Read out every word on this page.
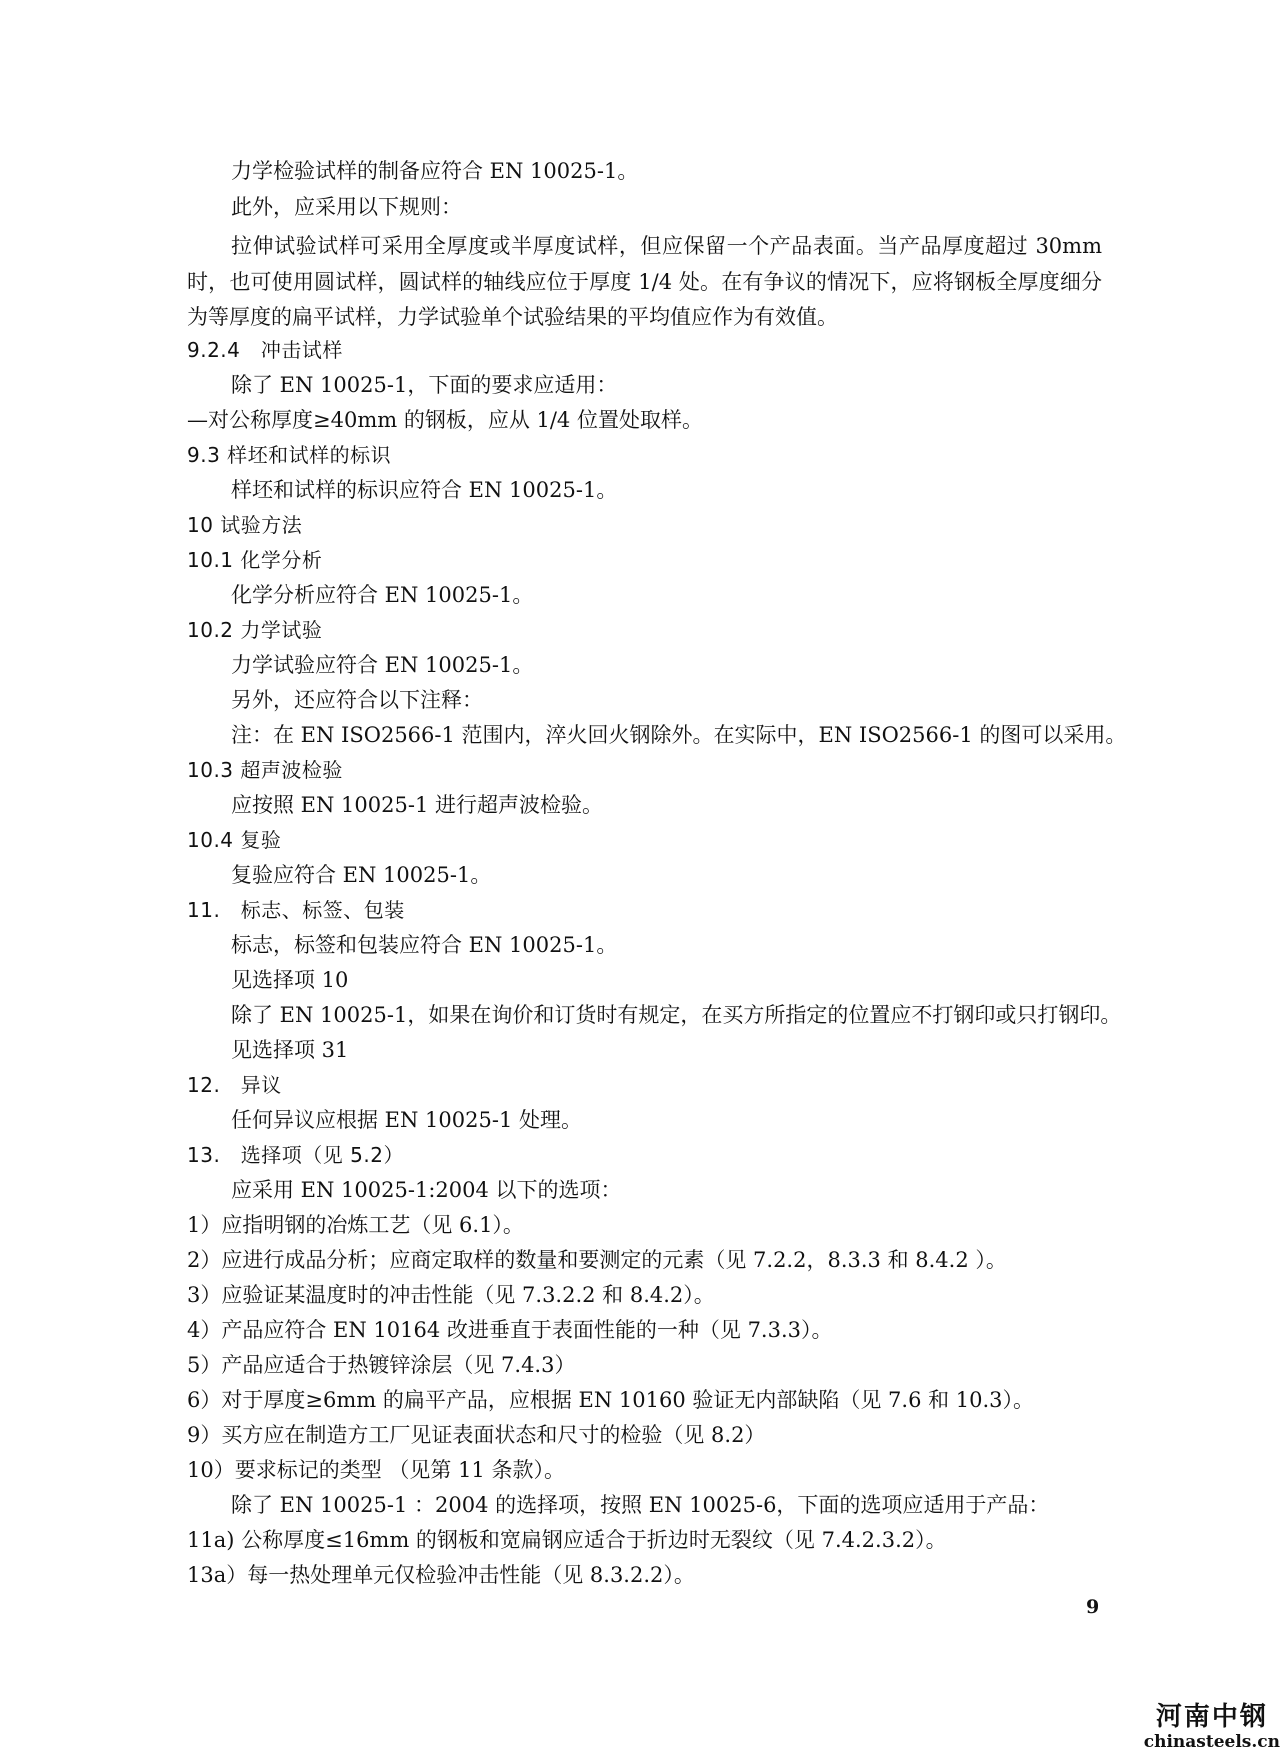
力学检验试样的制备应符合 EN 10025-1。
此外，应采用以下规则：
拉伸试验试样可采用全厚度或半厚度试样，但应保留一个产品表面。当产品厚度超过 30mm 时，也可使用圆试样，圆试样的轴线应位于厚度 1/4 处。在有争议的情况下，应将钢板全厚度细分为等厚度的扁平试样，力学试验单个试验结果的平均值应作为有效值。
9.2.4　冲击试样
除了 EN 10025-1，下面的要求应适用：
—对公称厚度≥40mm 的钢板，应从 1/4 位置处取样。
9.3 样坯和试样的标识
样坯和试样的标识应符合 EN 10025-1。
10 试验方法
10.1 化学分析
化学分析应符合 EN 10025-1。
10.2 力学试验
力学试验应符合 EN 10025-1。
另外，还应符合以下注释：
注：在 EN ISO2566-1 范围内，淬火回火钢除外。在实际中，EN ISO2566-1 的图可以采用。
10.3 超声波检验
应按照 EN 10025-1 进行超声波检验。
10.4 复验
复验应符合 EN 10025-1。
11.　标志、标签、包装
标志，标签和包装应符合 EN 10025-1。
见选择项 10
除了 EN 10025-1，如果在询价和订货时有规定，在买方所指定的位置应不打钢印或只打钢印。
见选择项 31
12.　异议
任何异议应根据 EN 10025-1 处理。
13.　选择项（见 5.2）
应采用 EN 10025-1:2004 以下的选项：
1）应指明钢的冶炼工艺（见 6.1）。
2）应进行成品分析；应商定取样的数量和要测定的元素（见 7.2.2，8.3.3 和 8.4.2 ）。
3）应验证某温度时的冲击性能（见 7.3.2.2 和 8.4.2）。
4）产品应符合 EN 10164 改进垂直于表面性能的一种（见 7.3.3）。
5）产品应适合于热镀锌涂层（见 7.4.3）
6）对于厚度≥6mm 的扁平产品，应根据 EN 10160 验证无内部缺陷（见 7.6 和 10.3）。
9）买方应在制造方工厂见证表面状态和尺寸的检验（见 8.2）
10）要求标记的类型 （见第 11 条款）。
除了 EN 10025-1 ：2004 的选择项，按照 EN 10025-6，下面的选项应适用于产品：
11a) 公称厚度≤16mm 的钢板和宽扁钢应适合于折边时无裂纹（见 7.4.2.3.2）。
13a）每一热处理单元仅检验冲击性能（见 8.3.2.2）。
9
河南中钢
chinasteels.cn
